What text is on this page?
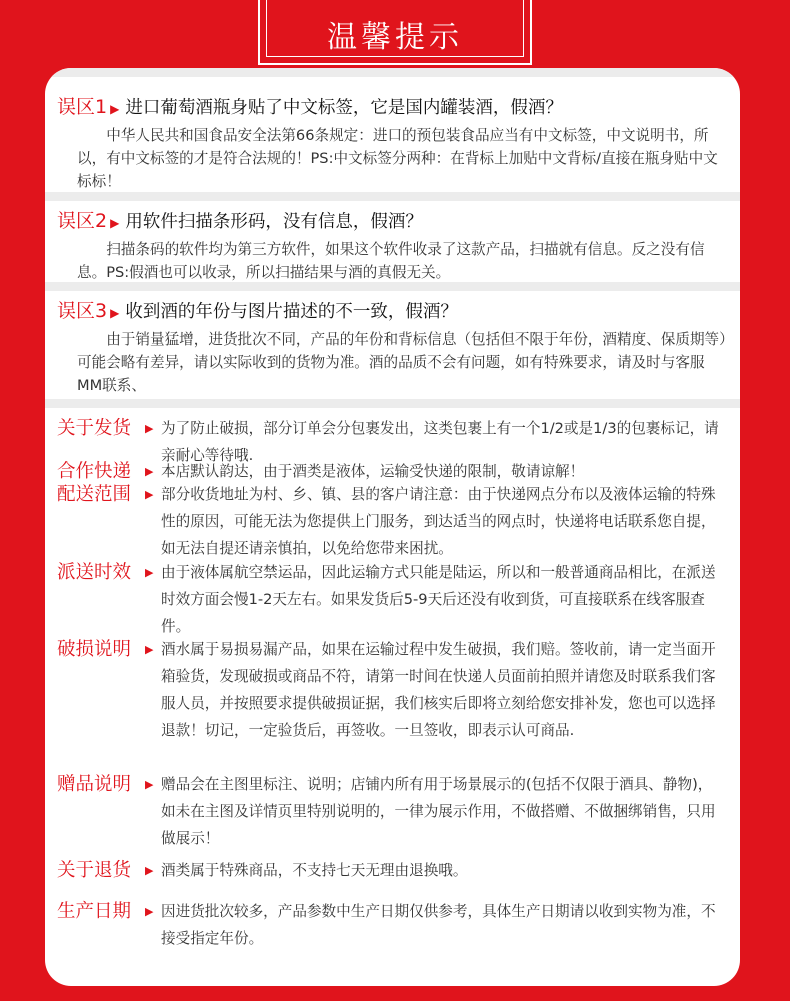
温馨提示
误区1 ▶ 进口葡萄酒瓶身贴了中文标签，它是国内罐装酒，假酒？
中华人民共和国食品安全法第66条规定：进口的预包装食品应当有中文标签，中文说明书，所以，有中文标签的才是符合法规的！PS:中文标签分两种：在背标上加贴中文背标/直接在瓶身贴中文标标！
误区2 ▶ 用软件扫描条形码，没有信息，假酒？
扫描条码的软件均为第三方软件，如果这个软件收录了这款产品，扫描就有信息。反之没有信息。PS:假酒也可以收录，所以扫描结果与酒的真假无关。
误区3 ▶ 收到酒的年份与图片描述的不一致，假酒？
由于销量猛增，进货批次不同，产品的年份和背标信息（包括但不限于年份，酒精度、保质期等）可能会略有差异，请以实际收到的货物为准。酒的品质不会有问题，如有特殊要求，请及时与客服MM联系、
关于发货	▶ 为了防止破损，部分订单会分包裹发出，这类包裹上有一个1/2或是1/3的包裹标记，请亲耐心等待哦.
合作快递	▶ 本店默认韵达，由于酒类是液体，运输受快递的限制，敬请谅解！
配送范围	▶ 部分收货地址为村、乡、镇、县的客户请注意：由于快递网点分布以及液体运输的特殊性的原因，可能无法为您提供上门服务，到达适当的网点时，快递将电话联系您自提，如无法自提还请亲慎拍，以免给您带来困扰。
派送时效	▶ 由于液体属航空禁运品，因此运输方式只能是陆运，所以和一般普通商品相比，在派送时效方面会慢1-2天左右。如果发货后5-9天后还没有收到货，可直接联系在线客服查件。
破损说明	▶ 酒水属于易损易漏产品，如果在运输过程中发生破损，我们赔。签收前，请一定当面开箱验货，发现破损或商品不符，请第一时间在快递人员面前拍照并请您及时联系我们客服人员，并按照要求提供破损证据，我们核实后即将立刻给您安排补发，您也可以选择退款！切记，一定验货后，再签收。一旦签收，即表示认可商品.
赠品说明	▶ 赠品会在主图里标注、说明；店铺内所有用于场景展示的(包括不仅限于酒具、静物)，如未在主图及详情页里特别说明的，一律为展示作用，不做搭赠、不做捆绑销售，只用做展示！
关于退货	▶ 酒类属于特殊商品，不支持七天无理由退换哦。
生产日期	▶ 因进货批次较多，产品参数中生产日期仅供参考，具体生产日期请以收到实物为准，不接受指定年份。
